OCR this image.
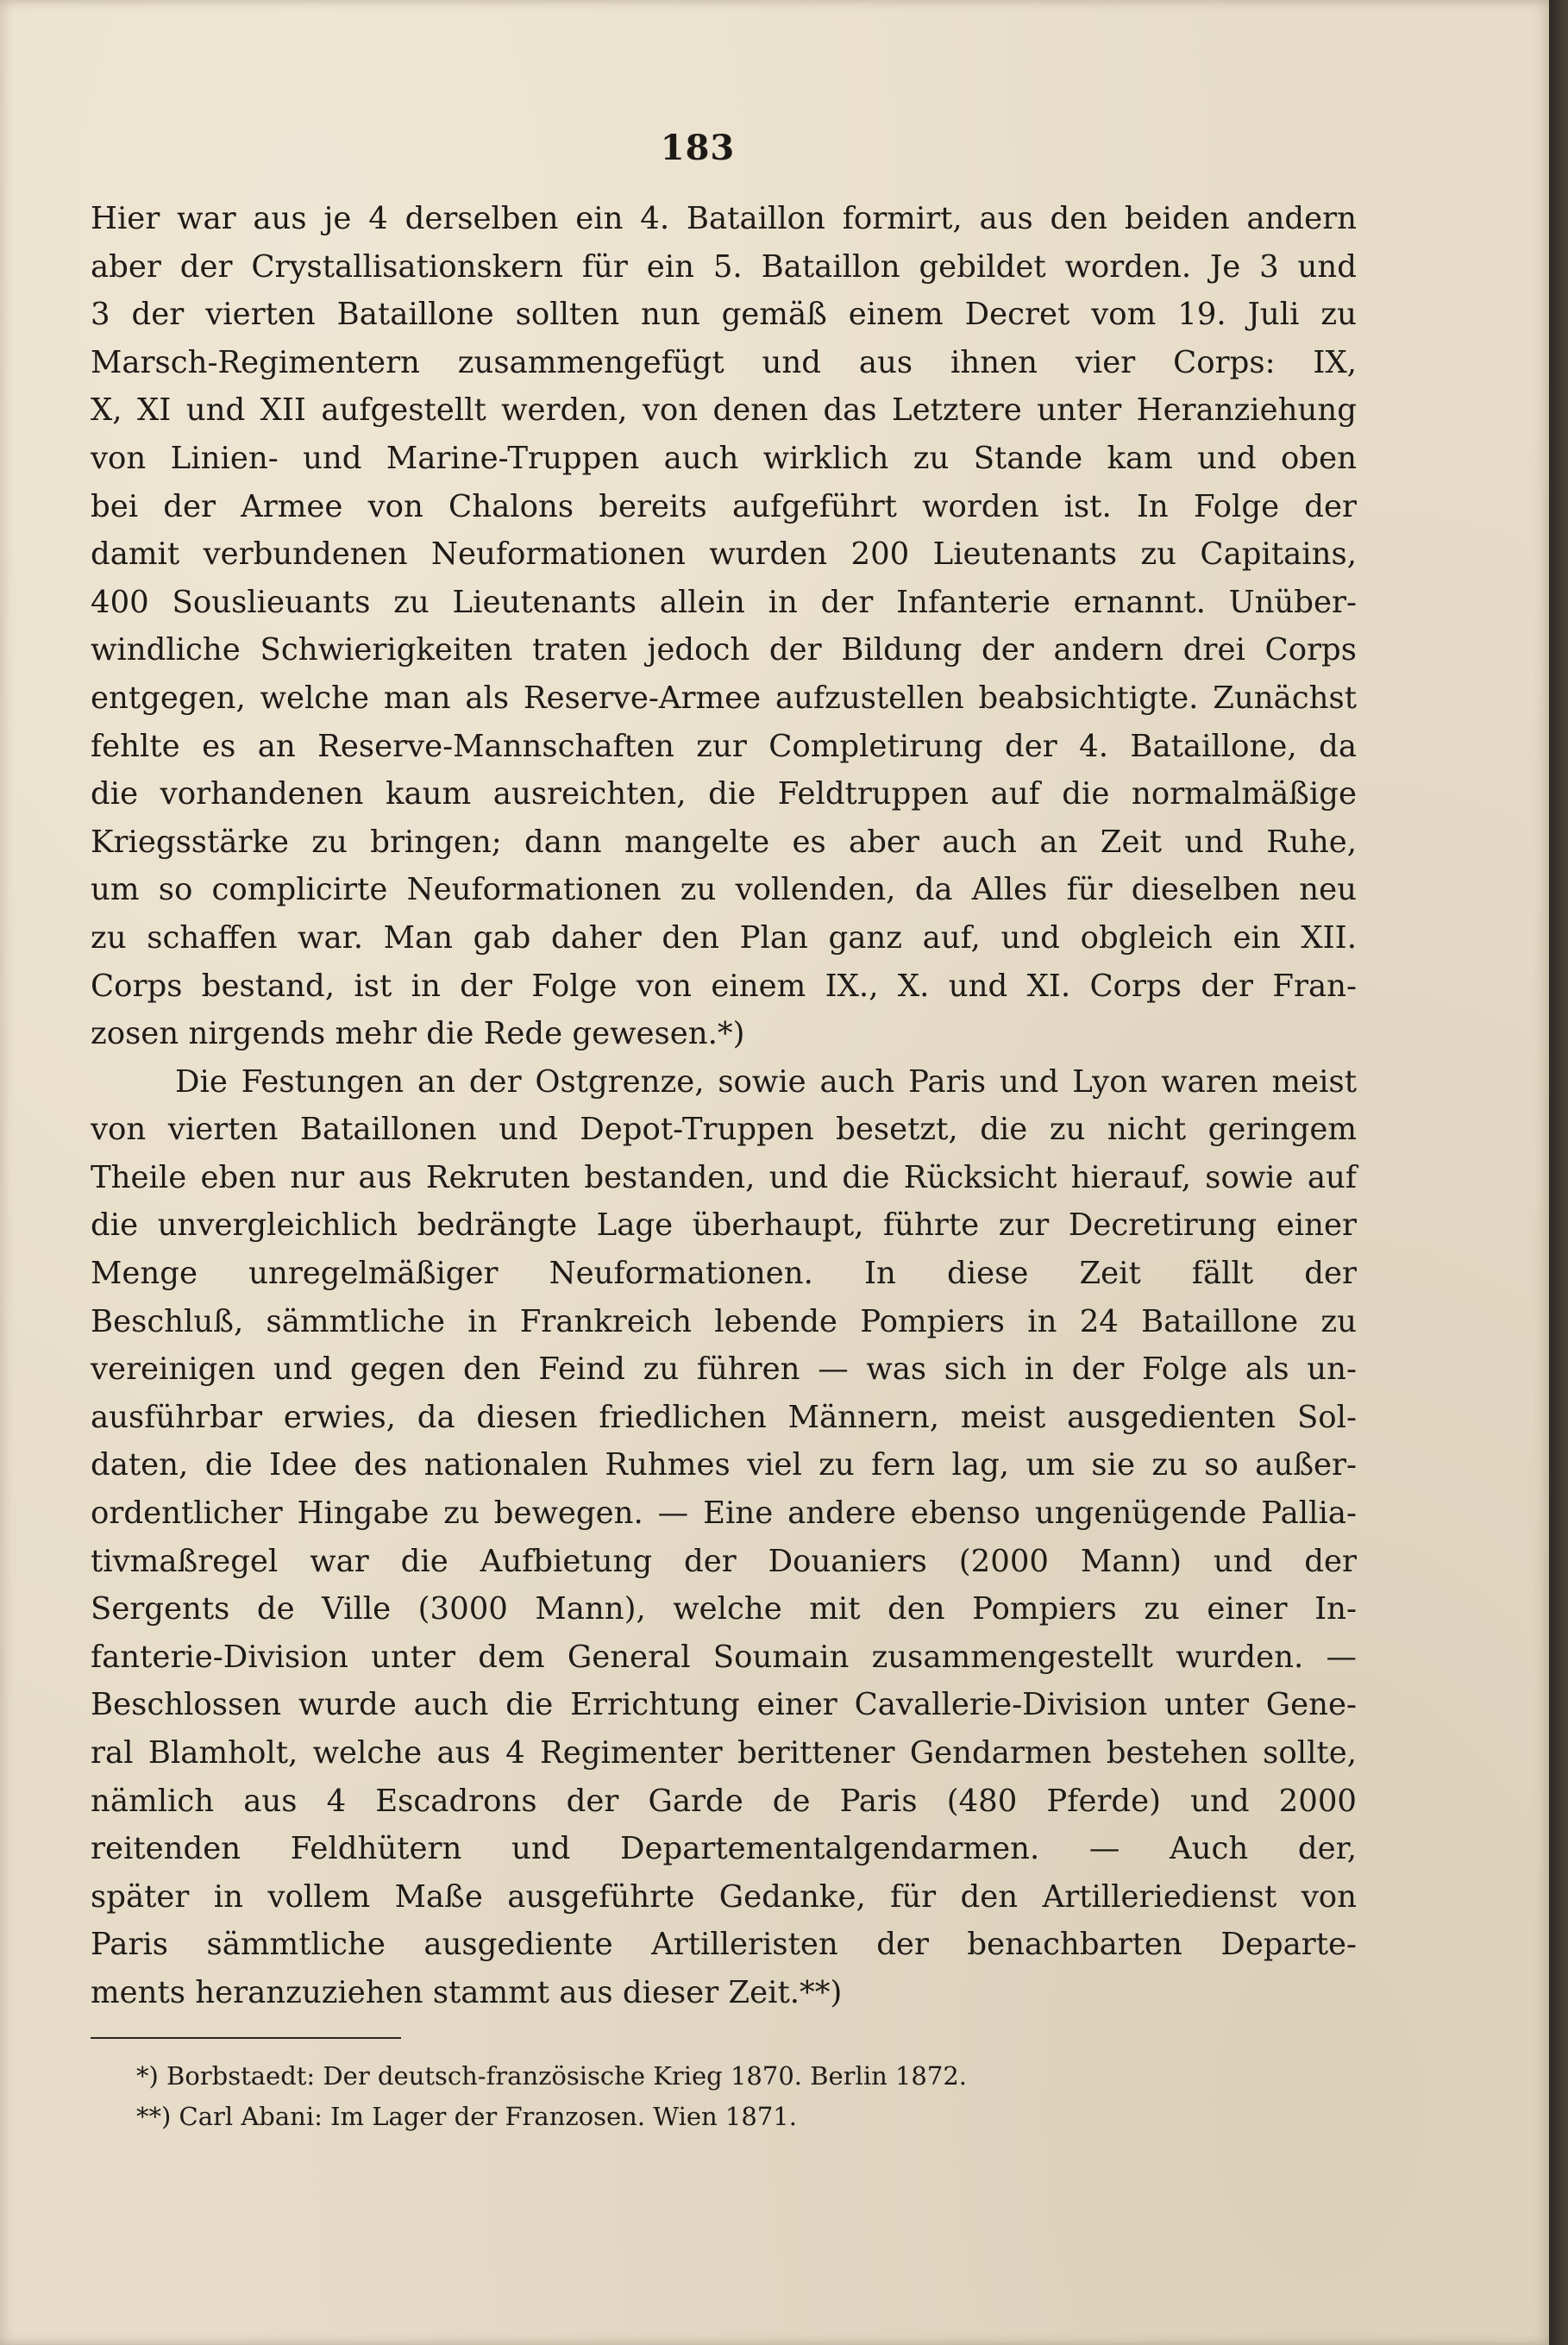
183
Hier war aus je 4 derselben ein 4. Bataillon formirt, aus den beiden andern
aber der Crystallisationskern für ein 5. Bataillon gebildet worden. Je 3 und
3 der vierten Bataillone sollten nun gemäß einem Decret vom 19. Juli zu
Marsch-Regimentern zusammengefügt und aus ihnen vier Corps: IX,
X, XI und XII aufgestellt werden, von denen das Letztere unter Heranziehung
von Linien- und Marine-Truppen auch wirklich zu Stande kam und oben
bei der Armee von Chalons bereits aufgeführt worden ist. In Folge der
damit verbundenen Neuformationen wurden 200 Lieutenants zu Capitains,
400 Souslieuants zu Lieutenants allein in der Infanterie ernannt. Unüber-
windliche Schwierigkeiten traten jedoch der Bildung der andern drei Corps
entgegen, welche man als Reserve-Armee aufzustellen beabsichtigte. Zunächst
fehlte es an Reserve-Mannschaften zur Completirung der 4. Bataillone, da
die vorhandenen kaum ausreichten, die Feldtruppen auf die normalmäßige
Kriegsstärke zu bringen; dann mangelte es aber auch an Zeit und Ruhe,
um so complicirte Neuformationen zu vollenden, da Alles für dieselben neu
zu schaffen war. Man gab daher den Plan ganz auf, und obgleich ein XII.
Corps bestand, ist in der Folge von einem IX., X. und XI. Corps der Fran-
zosen nirgends mehr die Rede gewesen.*)
Die Festungen an der Ostgrenze, sowie auch Paris und Lyon waren meist
von vierten Bataillonen und Depot-Truppen besetzt, die zu nicht geringem
Theile eben nur aus Rekruten bestanden, und die Rücksicht hierauf, sowie auf
die unvergleichlich bedrängte Lage überhaupt, führte zur Decretirung einer
Menge unregelmäßiger Neuformationen. In diese Zeit fällt der
Beschluß, sämmtliche in Frankreich lebende Pompiers in 24 Bataillone zu
vereinigen und gegen den Feind zu führen — was sich in der Folge als un-
ausführbar erwies, da diesen friedlichen Männern, meist ausgedienten Sol-
daten, die Idee des nationalen Ruhmes viel zu fern lag, um sie zu so außer-
ordentlicher Hingabe zu bewegen. — Eine andere ebenso ungenügende Pallia-
tivmaßregel war die Aufbietung der Douaniers (2000 Mann) und der
Sergents de Ville (3000 Mann), welche mit den Pompiers zu einer In-
fanterie-Division unter dem General Soumain zusammengestellt wurden. —
Beschlossen wurde auch die Errichtung einer Cavallerie-Division unter Gene-
ral Blamholt, welche aus 4 Regimenter berittener Gendarmen bestehen sollte,
nämlich aus 4 Escadrons der Garde de Paris (480 Pferde) und 2000
reitenden Feldhütern und Departementalgendarmen. — Auch der,
später in vollem Maße ausgeführte Gedanke, für den Artilleriedienst von
Paris sämmtliche ausgediente Artilleristen der benachbarten Departe-
ments heranzuziehen stammt aus dieser Zeit.**)
*) Borbstaedt: Der deutsch-französische Krieg 1870. Berlin 1872.
**) Carl Abani: Im Lager der Franzosen. Wien 1871.
